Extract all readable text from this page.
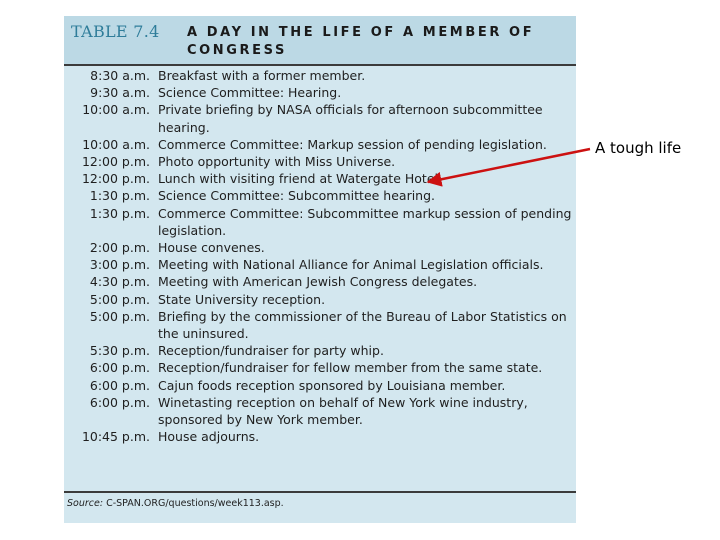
TABLE 7.4 A DAY IN THE LIFE OF A MEMBER OF CONGRESS
8:30 a.m. Breakfast with a former member.
9:30 a.m. Science Committee: Hearing.
10:00 a.m. Private briefing by NASA officials for afternoon subcommittee hearing.
10:00 a.m. Commerce Committee: Markup session of pending legislation.
12:00 p.m. Photo opportunity with Miss Universe.
12:00 p.m. Lunch with visiting friend at Watergate Hotel.
1:30 p.m. Science Committee: Subcommittee hearing.
1:30 p.m. Commerce Committee: Subcommittee markup session of pending legislation.
2:00 p.m. House convenes.
3:00 p.m. Meeting with National Alliance for Animal Legislation officials.
4:30 p.m. Meeting with American Jewish Congress delegates.
5:00 p.m. State University reception.
5:00 p.m. Briefing by the commissioner of the Bureau of Labor Statistics on the uninsured.
5:30 p.m. Reception/fundraiser for party whip.
6:00 p.m. Reception/fundraiser for fellow member from the same state.
6:00 p.m. Cajun foods reception sponsored by Louisiana member.
6:00 p.m. Winetasting reception on behalf of New York wine industry, sponsored by New York member.
10:45 p.m. House adjourns.
Source: C-SPAN.ORG/questions/week113.asp.
A tough life
